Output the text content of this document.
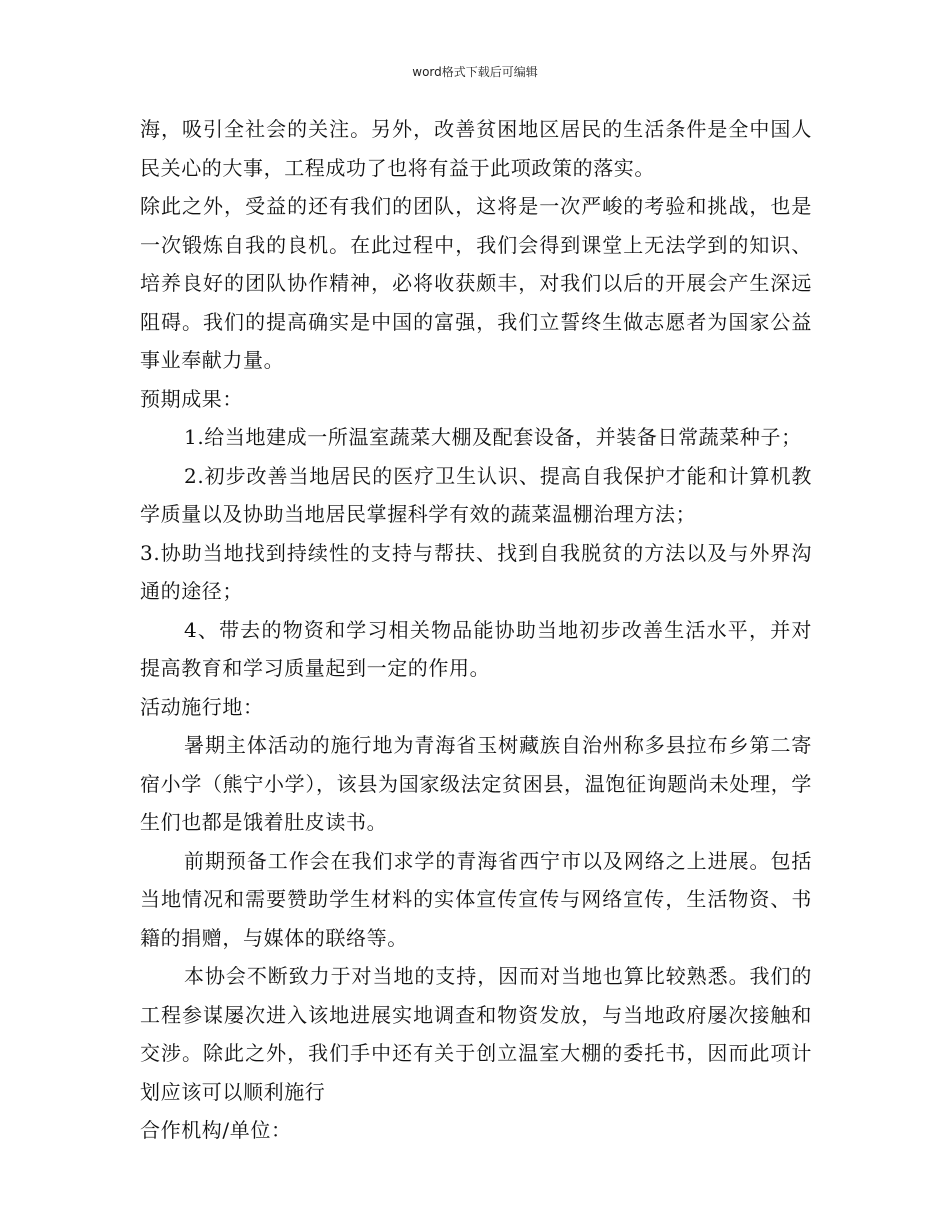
word格式下载后可编辑

海，吸引全社会的关注。另外，改善贫困地区居民的生活条件是全中国人民关心的大事，工程成功了也将有益于此项政策的落实。

除此之外，受益的还有我们的团队，这将是一次严峻的考验和挑战，也是一次锻炼自我的良机。在此过程中，我们会得到课堂上无法学到的知识、培养良好的团队协作精神，必将收获颇丰，对我们以后的开展会产生深远阻碍。我们的提高确实是中国的富强，我们立誓终生做志愿者为国家公益事业奉献力量。

预期成果：

1.给当地建成一所温室蔬菜大棚及配套设备，并装备日常蔬菜种子；

2.初步改善当地居民的医疗卫生认识、提高自我保护才能和计算机教学质量以及协助当地居民掌握科学有效的蔬菜温棚治理方法；

3.协助当地找到持续性的支持与帮扶、找到自我脱贫的方法以及与外界沟通的途径；

4、带去的物资和学习相关物品能协助当地初步改善生活水平，并对提高教育和学习质量起到一定的作用。

活动施行地：

暑期主体活动的施行地为青海省玉树藏族自治州称多县拉布乡第二寄宿小学（熊宁小学），该县为国家级法定贫困县，温饱征询题尚未处理，学生们也都是饿着肚皮读书。

前期预备工作会在我们求学的青海省西宁市以及网络之上进展。包括当地情况和需要赞助学生材料的实体宣传宣传与网络宣传，生活物资、书籍的捐赠，与媒体的联络等。

本协会不断致力于对当地的支持，因而对当地也算比较熟悉。我们的工程参谋屡次进入该地进展实地调查和物资发放，与当地政府屡次接触和交涉。除此之外，我们手中还有关于创立温室大棚的委托书，因而此项计划应该可以顺利施行

合作机构/单位：
